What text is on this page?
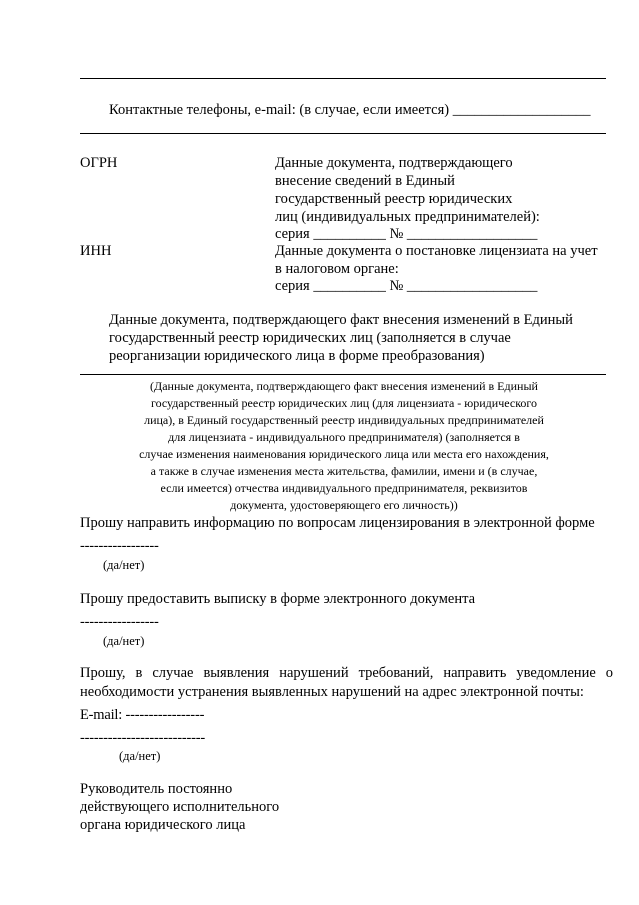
Контактные телефоны, e-mail: (в случае, если имеется) ___________________
ОГРН	Данные документа, подтверждающего
внесение сведений в Единый
государственный реестр юридических
лиц (индивидуальных предпринимателей):
серия __________ № __________________
ИНН	Данные документа о постановке лицензиата на учет
в налоговом органе:
серия __________ № __________________
Данные документа, подтверждающего факт внесения изменений в Единый
государственный реестр юридических лиц (заполняется в случае
реорганизации юридического лица в форме преобразования)
(Данные документа, подтверждающего факт внесения изменений в Единый
государственный реестр юридических лиц (для лицензиата - юридического
лица), в Единый государственный реестр индивидуальных предпринимателей
для лицензиата - индивидуального предпринимателя) (заполняется в
случае изменения наименования юридического лица или места его нахождения,
а также в случае изменения места жительства, фамилии, имени и (в случае,
если имеется) отчества индивидуального предпринимателя, реквизитов
документа, удостоверяющего его личность))
Прошу направить информацию по вопросам лицензирования в электронной форме
-----------------
(да/нет)
Прошу предоставить выписку в форме электронного документа
-----------------
(да/нет)
Прошу, в случае выявления нарушений требований, направить уведомление о необходимости устранения выявленных нарушений на адрес электронной почты:
E-mail: -----------------
---------------------------
(да/нет)
Руководитель постоянно
действующего исполнительного
органа юридического лица
